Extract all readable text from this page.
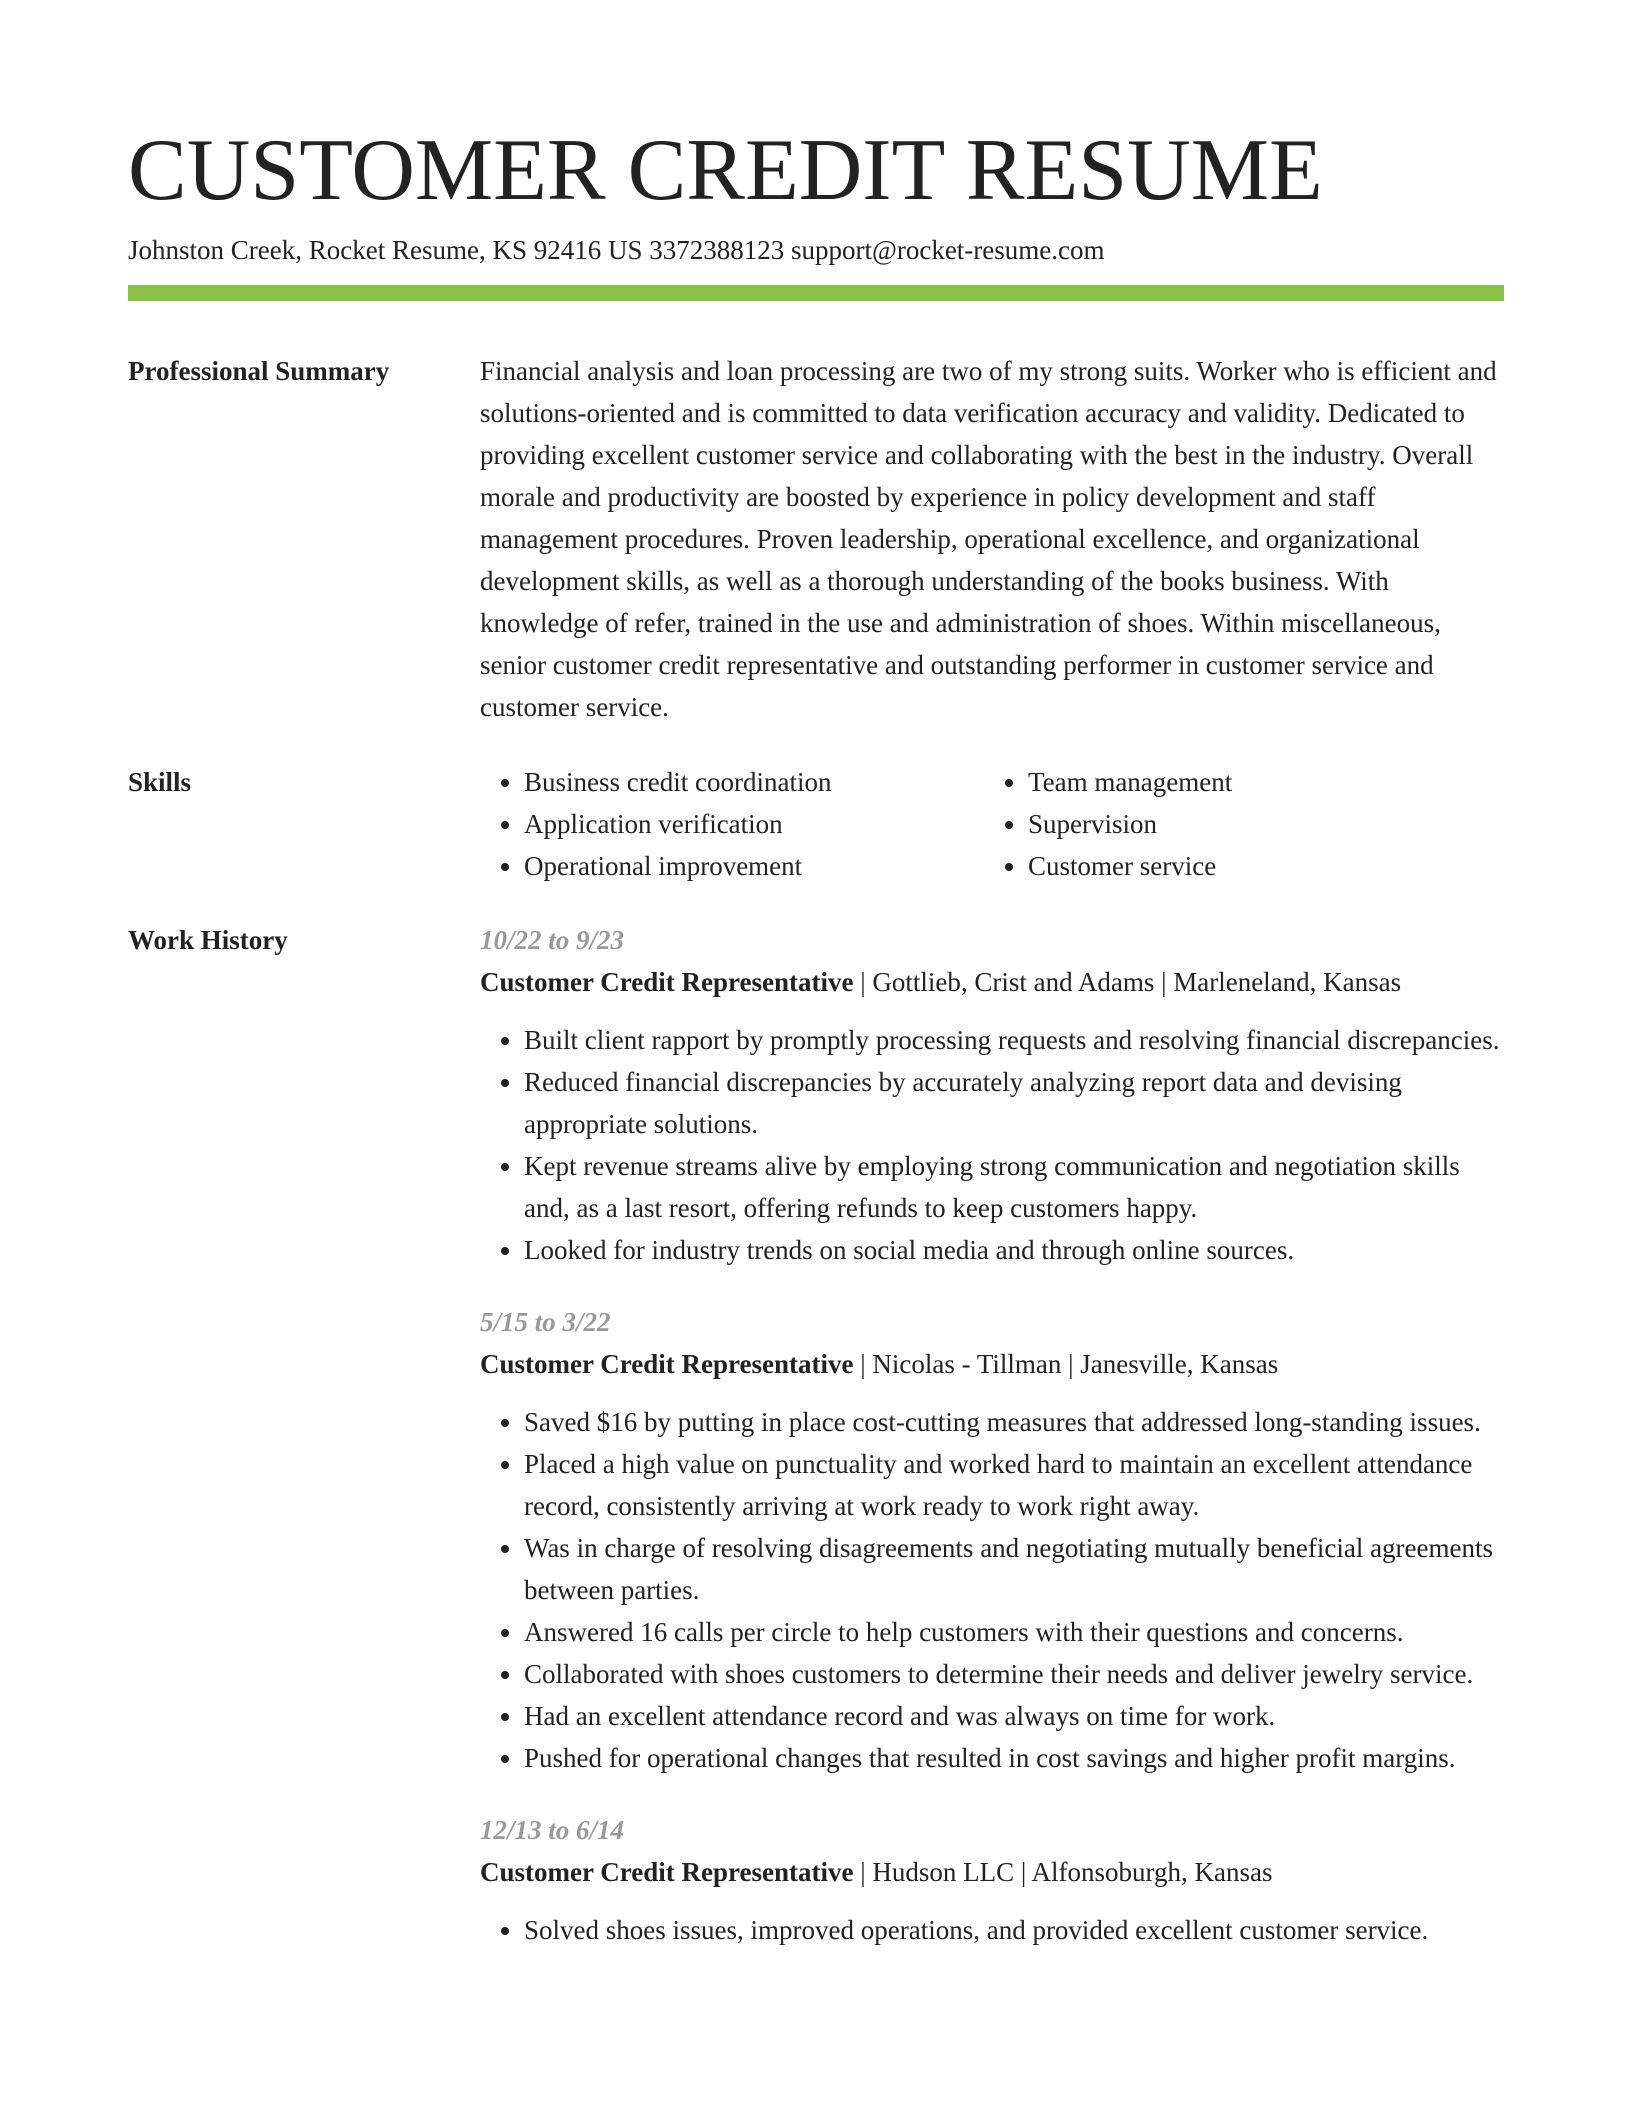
CUSTOMER CREDIT RESUME
Johnston Creek, Rocket Resume, KS 92416 US 3372388123 support@rocket-resume.com
Professional Summary	Financial analysis and loan processing are two of my strong suits. Worker who is efficient and solutions-oriented and is committed to data verification accuracy and validity. Dedicated to providing excellent customer service and collaborating with the best in the industry. Overall morale and productivity are boosted by experience in policy development and staff management procedures. Proven leadership, operational excellence, and organizational development skills, as well as a thorough understanding of the books business. With knowledge of refer, trained in the use and administration of shoes. Within miscellaneous, senior customer credit representative and outstanding performer in customer service and customer service.

Skills
•	Business credit coordination
• Application verification
• Operational improvement
• Team management
• Supervision
• Customer service
Work History	10/22 to 9/23
Customer Credit Representative | Gottlieb, Crist and Adams | Marleneland, Kansas
• Built client rapport by promptly processing requests and resolving financial discrepancies.
• Reduced financial discrepancies by accurately analyzing report data and devising appropriate solutions.
• Kept revenue streams alive by employing strong communication and negotiation skills and, as a last resort, offering refunds to keep customers happy.
• Looked for industry trends on social media and through online sources.
5/15 to 3/22
Customer Credit Representative | Nicolas - Tillman | Janesville, Kansas
• Saved $16 by putting in place cost-cutting measures that addressed long-standing issues.
• Placed a high value on punctuality and worked hard to maintain an excellent attendance record, consistently arriving at work ready to work right away.
• Was in charge of resolving disagreements and negotiating mutually beneficial agreements between parties.
• Answered 16 calls per circle to help customers with their questions and concerns.
• Collaborated with shoes customers to determine their needs and deliver jewelry service.
• Had an excellent attendance record and was always on time for work.
• Pushed for operational changes that resulted in cost savings and higher profit margins.
12/13 to 6/14
Customer Credit Representative | Hudson LLC | Alfonsoburgh, Kansas
• Solved shoes issues, improved operations, and provided excellent customer service.
